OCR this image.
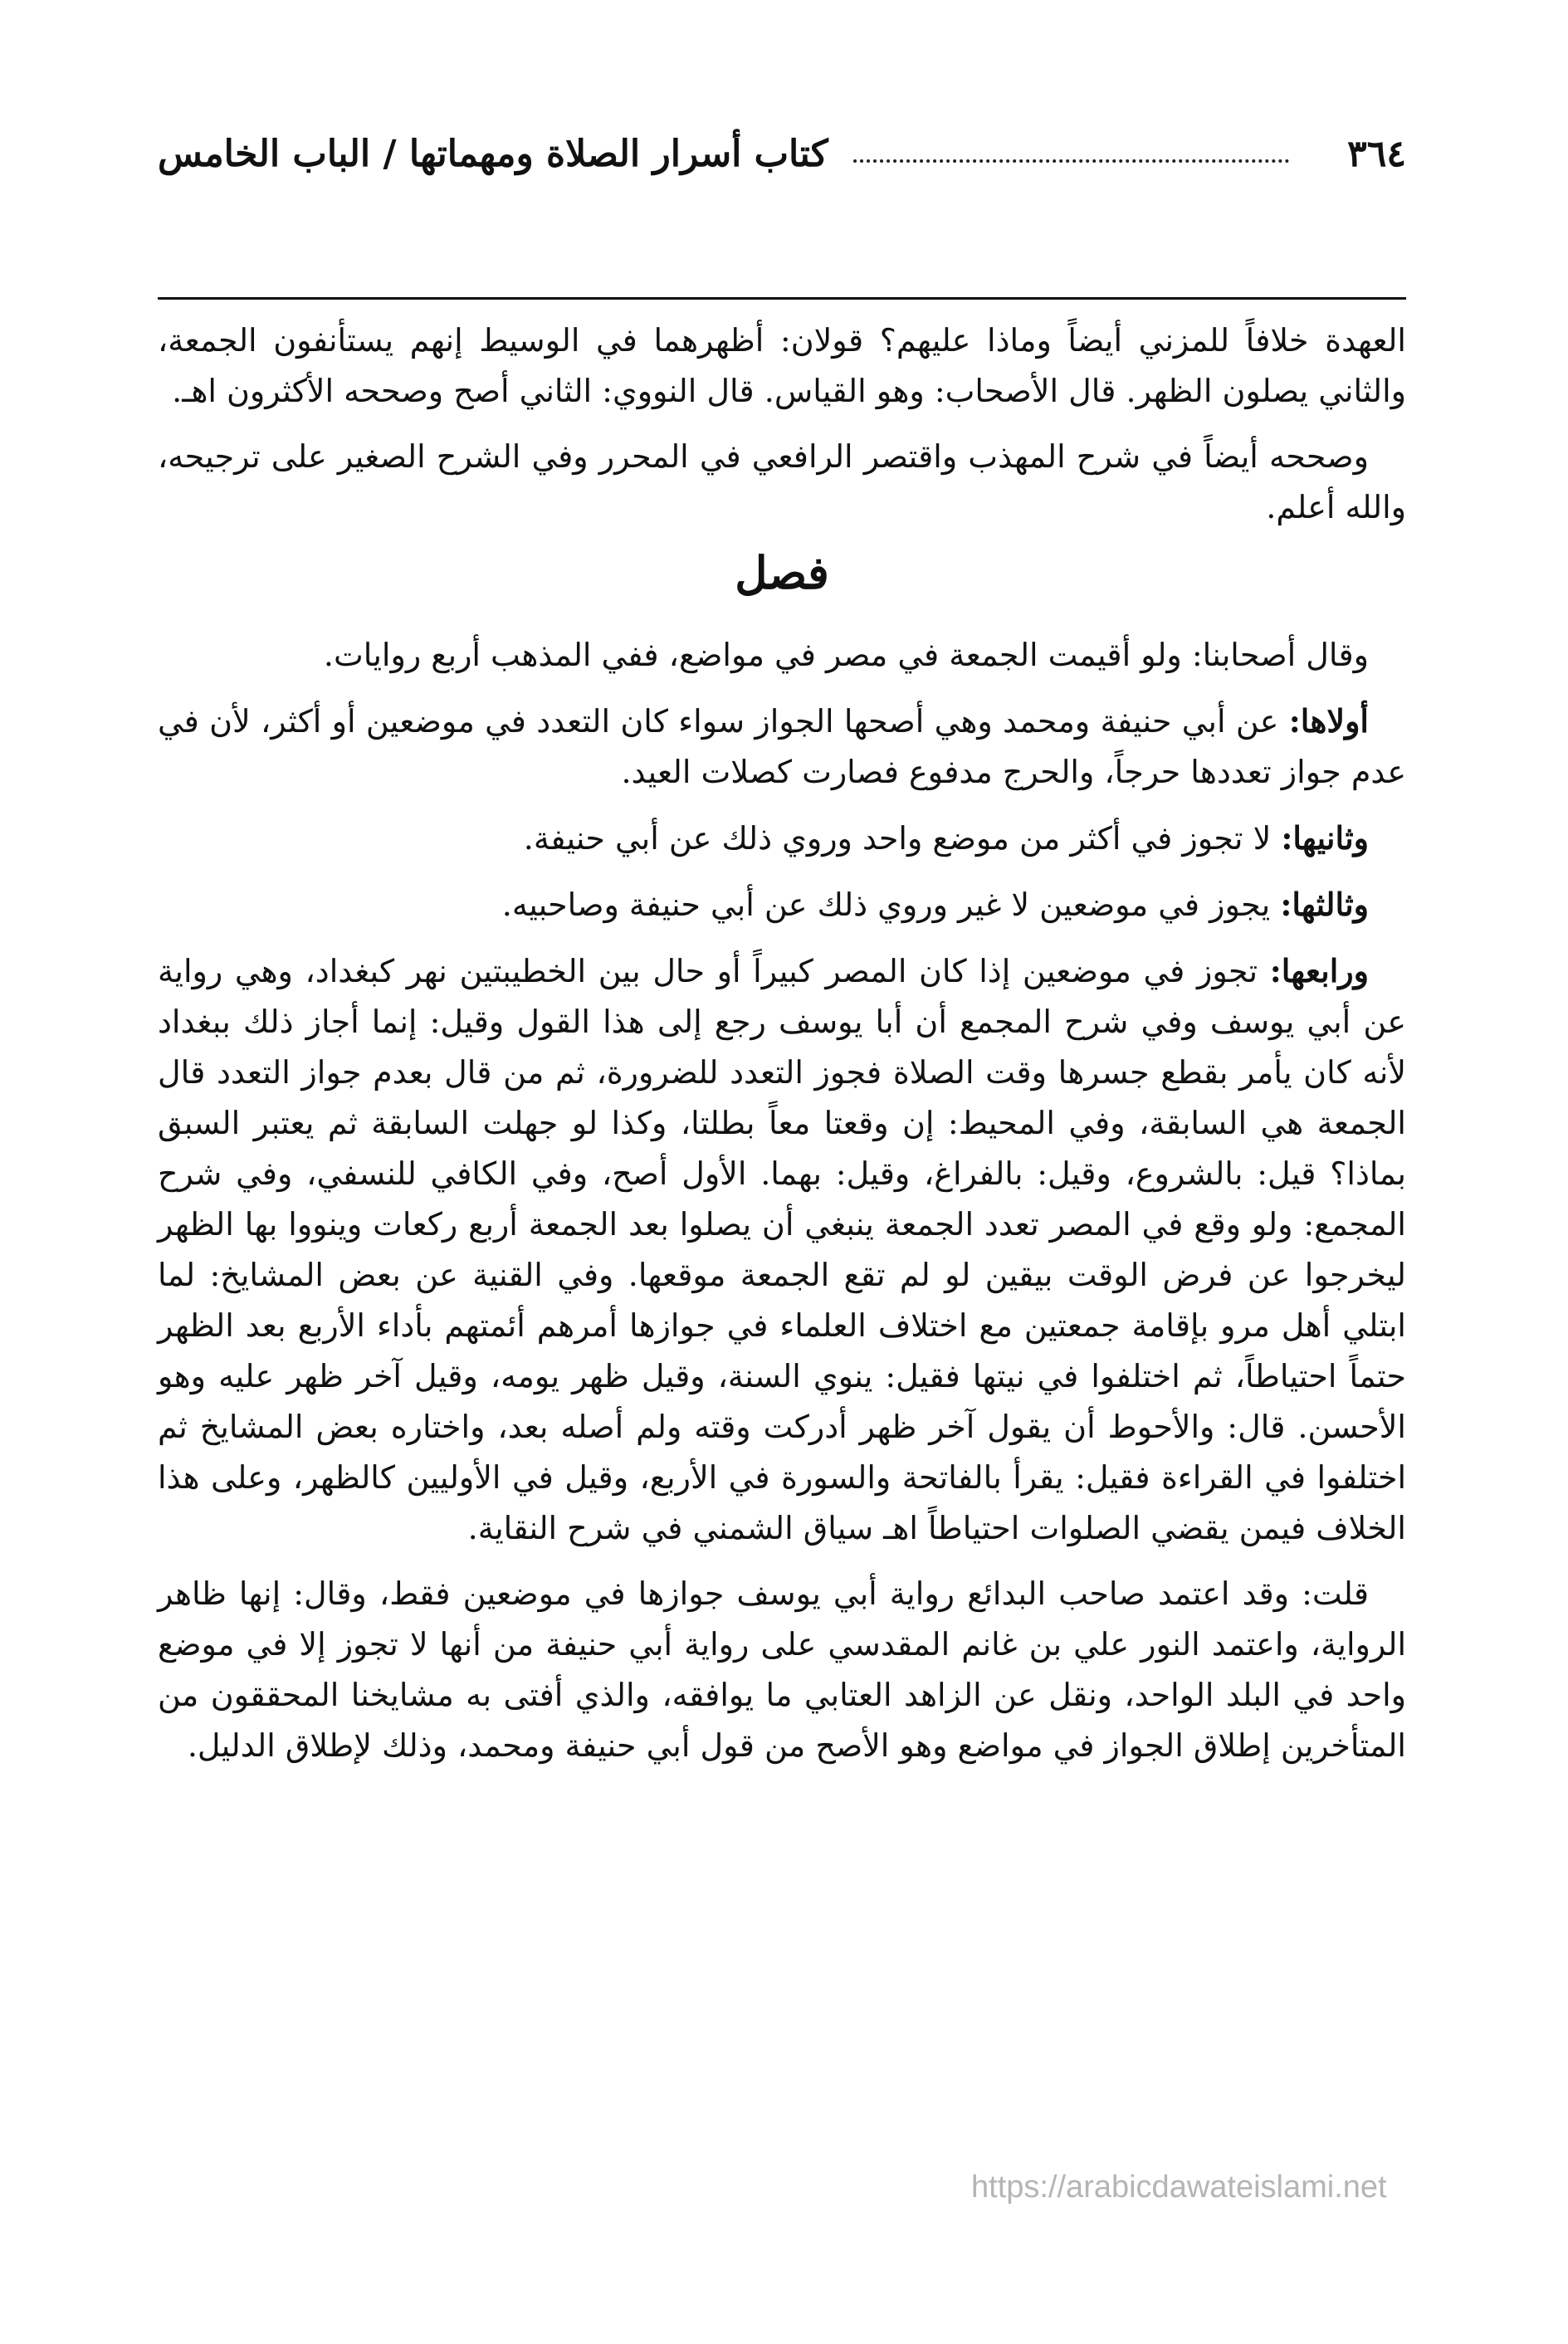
٣٦٤
كتاب أسرار الصلاة ومهماتها / الباب الخامس

العهدة خلافاً للمزني أيضاً وماذا عليهم؟ قولان: أظهرهما في الوسيط إنهم يستأنفون الجمعة، والثاني يصلون الظهر. قال الأصحاب: وهو القياس. قال النووي: الثاني أصح وصححه الأكثرون اهـ.

وصححه أيضاً في شرح المهذب واقتصر الرافعي في المحرر وفي الشرح الصغير على ترجيحه، والله أعلم.

فصل

وقال أصحابنا: ولو أقيمت الجمعة في مصر في مواضع، ففي المذهب أربع روايات.

أولاها: عن أبي حنيفة ومحمد وهي أصحها الجواز سواء كان التعدد في موضعين أو أكثر، لأن في عدم جواز تعددها حرجاً، والحرج مدفوع فصارت كصلات العيد.

وثانيها: لا تجوز في أكثر من موضع واحد وروي ذلك عن أبي حنيفة.

وثالثها: يجوز في موضعين لا غير وروي ذلك عن أبي حنيفة وصاحبيه.

ورابعها: تجوز في موضعين إذا كان المصر كبيراً أو حال بين الخطيبتين نهر كبغداد، وهي رواية عن أبي يوسف وفي شرح المجمع أن أبا يوسف رجع إلى هذا القول وقيل: إنما أجاز ذلك ببغداد لأنه كان يأمر بقطع جسرها وقت الصلاة فجوز التعدد للضرورة، ثم من قال بعدم جواز التعدد قال الجمعة هي السابقة، وفي المحيط: إن وقعتا معاً بطلتا، وكذا لو جهلت السابقة ثم يعتبر السبق بماذا؟ قيل: بالشروع، وقيل: بالفراغ، وقيل: بهما. الأول أصح، وفي الكافي للنسفي، وفي شرح المجمع: ولو وقع في المصر تعدد الجمعة ينبغي أن يصلوا بعد الجمعة أربع ركعات وينووا بها الظهر ليخرجوا عن فرض الوقت بيقين لو لم تقع الجمعة موقعها. وفي القنية عن بعض المشايخ: لما ابتلي أهل مرو بإقامة جمعتين مع اختلاف العلماء في جوازها أمرهم أئمتهم بأداء الأربع بعد الظهر حتماً احتياطاً، ثم اختلفوا في نيتها فقيل: ينوي السنة، وقيل ظهر يومه، وقيل آخر ظهر عليه وهو الأحسن. قال: والأحوط أن يقول آخر ظهر أدركت وقته ولم أصله بعد، واختاره بعض المشايخ ثم اختلفوا في القراءة فقيل: يقرأ بالفاتحة والسورة في الأربع، وقيل في الأوليين كالظهر، وعلى هذا الخلاف فيمن يقضي الصلوات احتياطاً اهـ سياق الشمني في شرح النقاية.

قلت: وقد اعتمد صاحب البدائع رواية أبي يوسف جوازها في موضعين فقط، وقال: إنها ظاهر الرواية، واعتمد النور علي بن غانم المقدسي على رواية أبي حنيفة من أنها لا تجوز إلا في موضع واحد في البلد الواحد، ونقل عن الزاهد العتابي ما يوافقه، والذي أفتى به مشايخنا المحققون من المتأخرين إطلاق الجواز في مواضع وهو الأصح من قول أبي حنيفة ومحمد، وذلك لإطلاق الدليل.

https://arabicdawateislami.net
